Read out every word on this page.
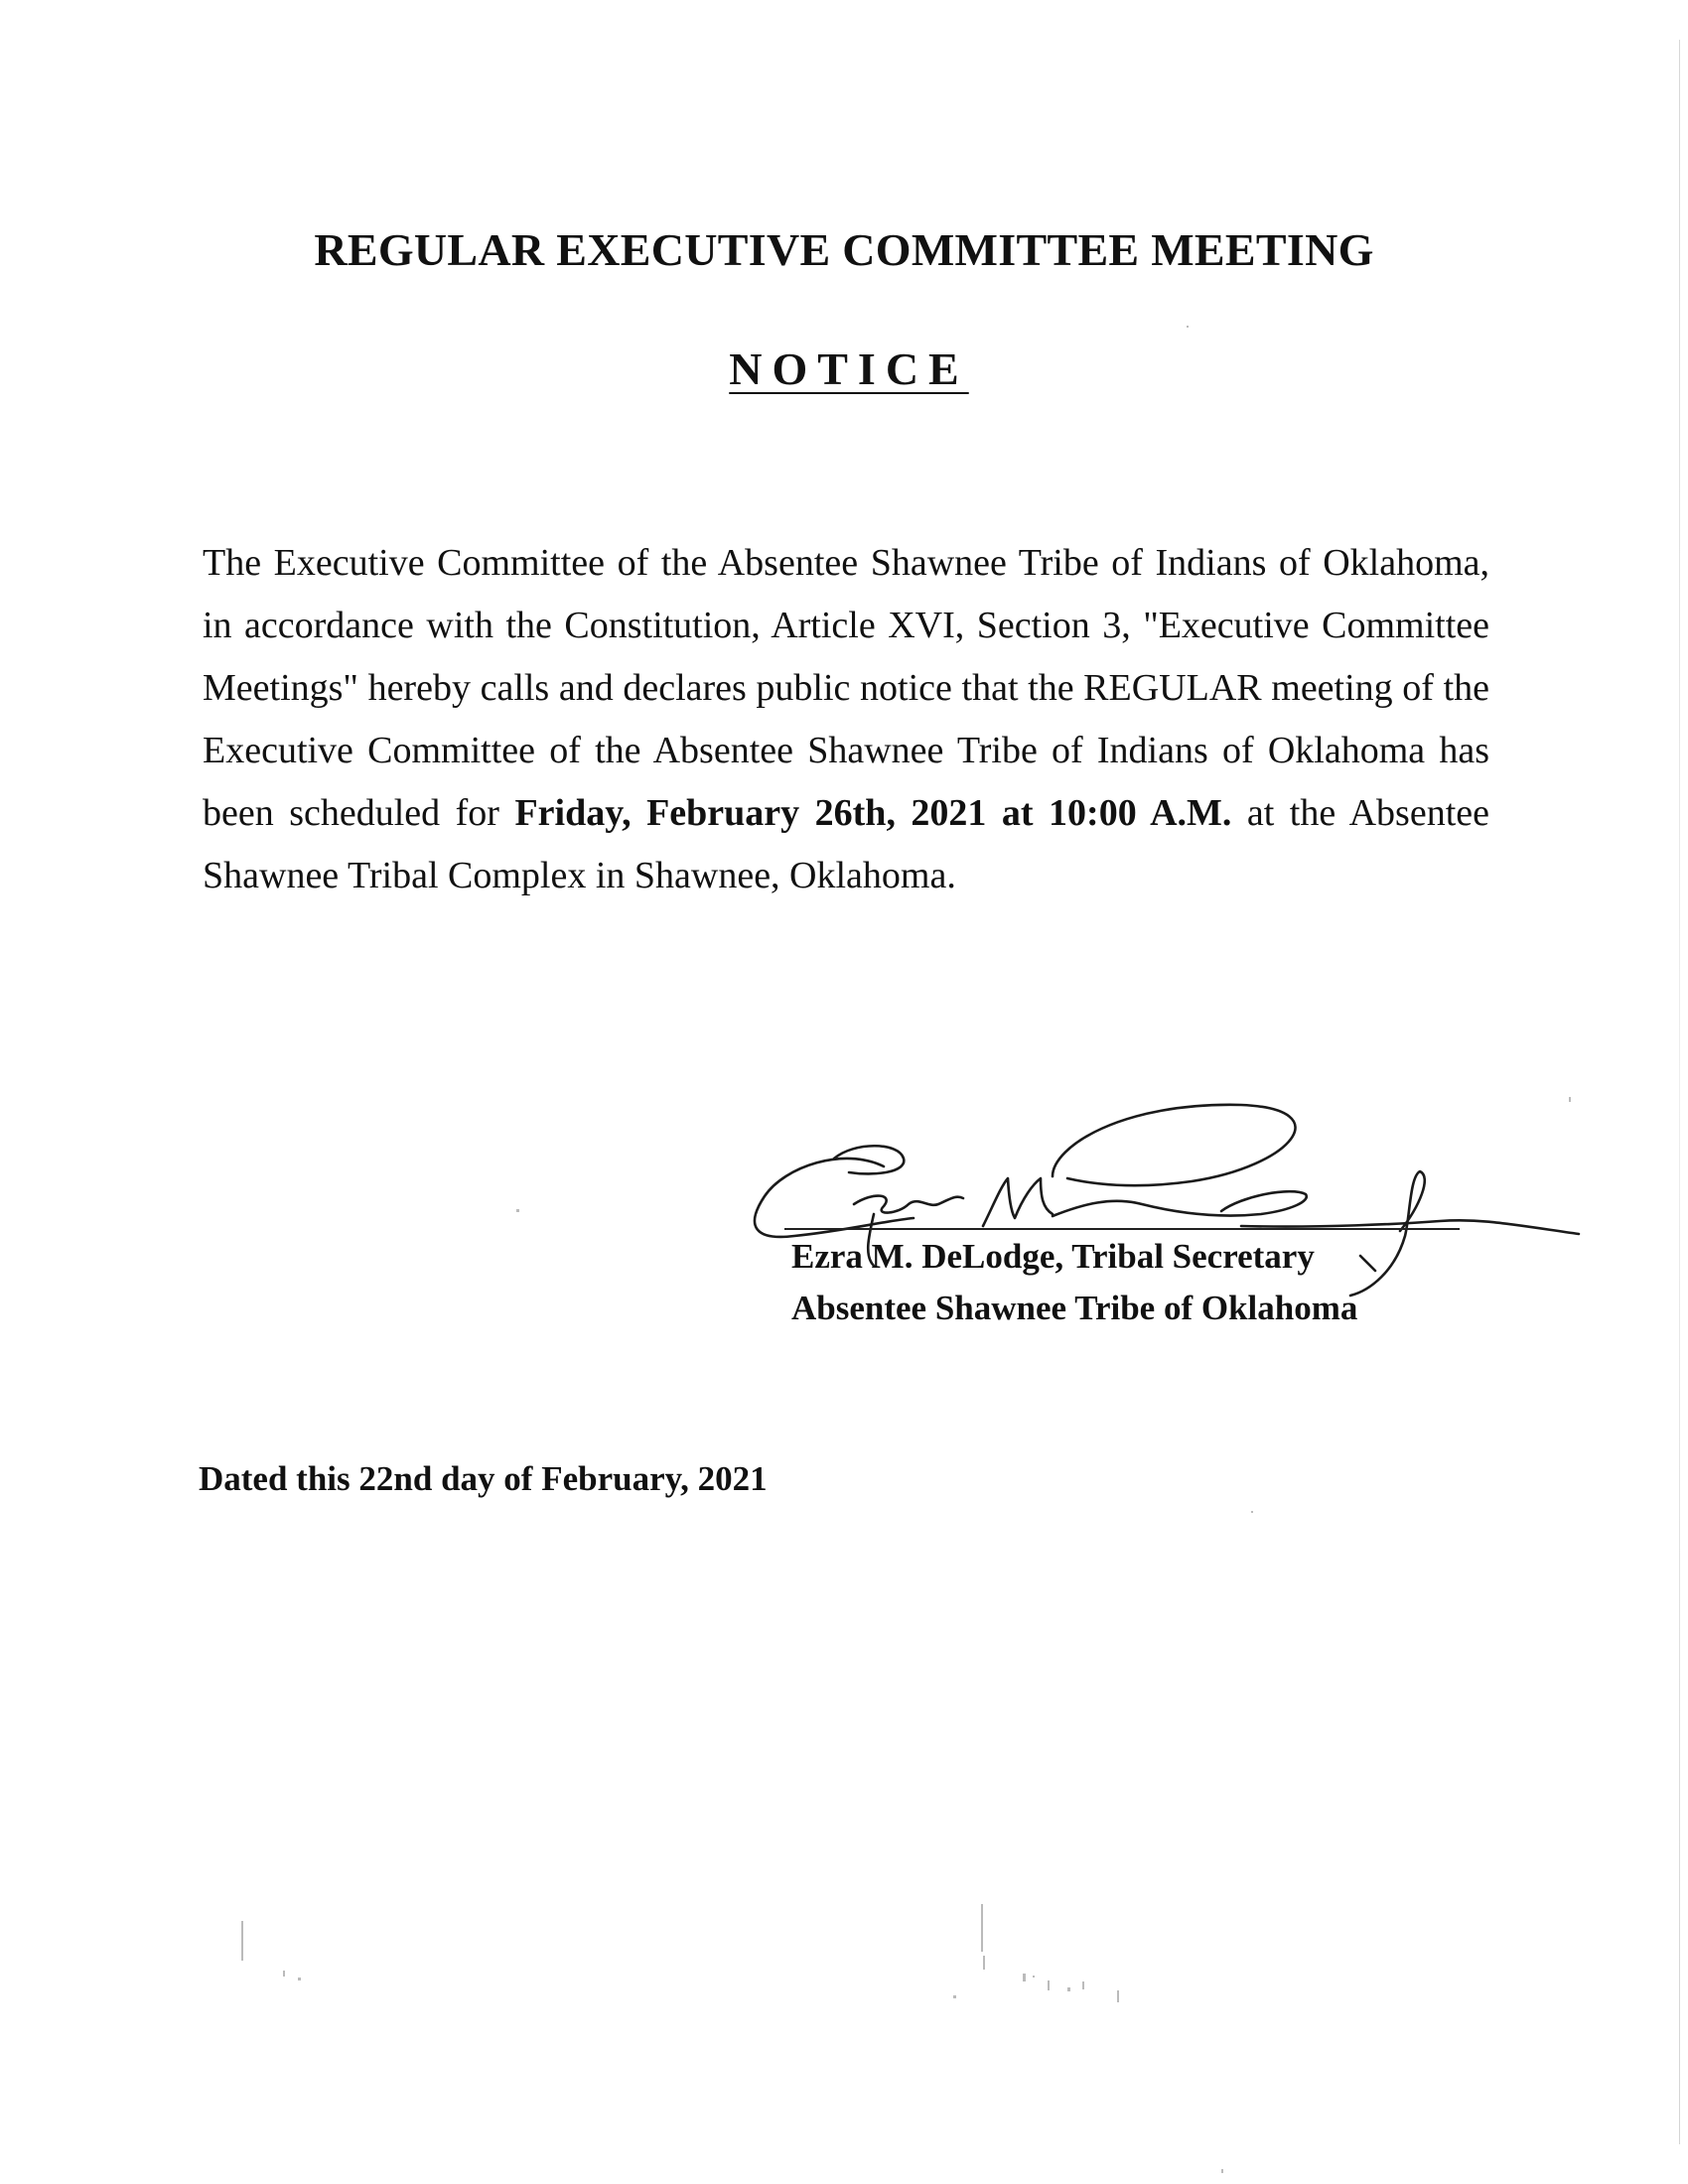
REGULAR EXECUTIVE COMMITTEE MEETING
NOTICE

The Executive Committee of the Absentee Shawnee Tribe of Indians of Oklahoma, in accordance with the Constitution, Article XVI, Section 3, "Executive Committee Meetings" hereby calls and declares public notice that the REGULAR meeting of the Executive Committee of the Absentee Shawnee Tribe of Indians of Oklahoma has been scheduled for Friday, February 26th, 2021 at 10:00 A.M. at the Absentee Shawnee Tribal Complex in Shawnee, Oklahoma.

Ezra M. DeLodge, Tribal Secretary
Absentee Shawnee Tribe of Oklahoma
Dated this 22nd day of February, 2021
